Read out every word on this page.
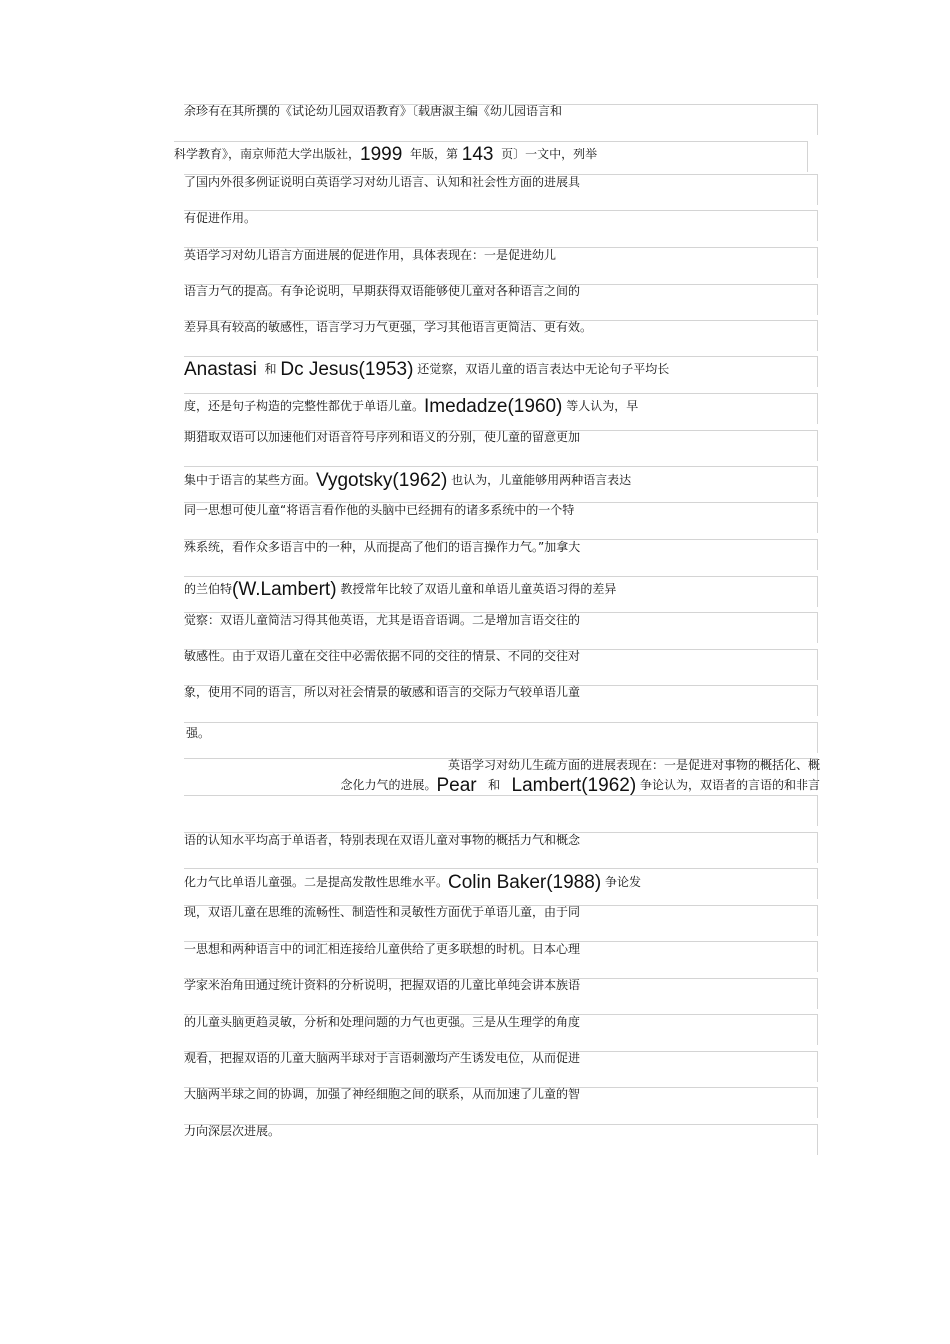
余珍有在其所撰的《试论幼儿园双语教育》〔载唐淑主编《幼儿园语言和
科学教育》，南京师范大学出版社，1999 年版，第 143 页〕一文中，列举
了国内外很多例证说明白英语学习对幼儿语言、认知和社会性方面的进展具
有促进作用。
英语学习对幼儿语言方面进展的促进作用，具体表现在：一是促进幼儿
语言力气的提高。有争论说明，早期获得双语能够使儿童对各种语言之间的
差异具有较高的敏感性，语言学习力气更强，学习其他语言更简洁、更有效。
Anastasi 和 Dc Jesus(1953) 还觉察，双语儿童的语言表达中无论句子平均长
度，还是句子构造的完整性都优于单语儿童。Imedadze(1960) 等人认为，早
期猎取双语可以加速他们对语音符号序列和语义的分别，使儿童的留意更加
集中于语言的某些方面。Vygotsky(1962) 也认为，儿童能够用两种语言表达
同一思想可使儿童“将语言看作他的头脑中已经拥有的诸多系统中的一个特
殊系统，看作众多语言中的一种，从而提高了他们的语言操作力气。”加拿大
的兰伯特(W.Lambert) 教授常年比较了双语儿童和单语儿童英语习得的差异
觉察：双语儿童简洁习得其他英语，尤其是语音语调。二是增加言语交往的
敏感性。由于双语儿童在交往中必需依据不同的交往的情景、不同的交往对
象，使用不同的语言，所以对社会情景的敏感和语言的交际力气较单语儿童
强。
英语学习对幼儿生疏方面的进展表现在：一是促进对事物的概括化、概
念化力气的进展。Pear 和 Lambert(1962) 争论认为，双语者的言语的和非言
语的认知水平均高于单语者，特别表现在双语儿童对事物的概括力气和概念
化力气比单语儿童强。二是提高发散性思维水平。Colin Baker(1988) 争论发
现，双语儿童在思维的流畅性、制造性和灵敏性方面优于单语儿童，由于同
一思想和两种语言中的词汇相连接给儿童供给了更多联想的时机。日本心理
学家米治角田通过统计资料的分析说明，把握双语的儿童比单纯会讲本族语
的儿童头脑更趋灵敏，分析和处理问题的力气也更强。三是从生理学的角度
观看，把握双语的儿童大脑两半球对于言语刺激均产生诱发电位，从而促进
大脑两半球之间的协调，加强了神经细胞之间的联系，从而加速了儿童的智
力向深层次进展。
